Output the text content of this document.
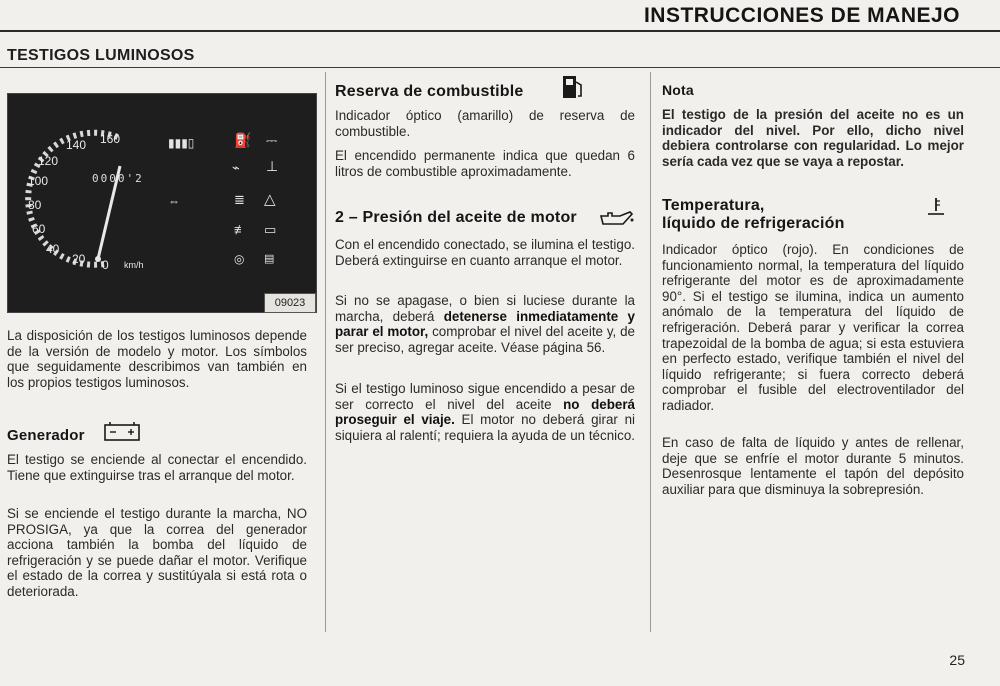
INSTRUCCIONES DE MANEJO
TESTIGOS LUMINOSOS
140 160
120
100
80
60
40
20 0 km/h
0000'2
▮▮▮▯	⛽ ⎓
⌁ ⊥
⇔	≣ △
≢ ▭
◎ ▤
09023

La disposición de los testigos luminosos depende de la versión de modelo y motor. Los símbolos que seguidamente describimos van también en los propios testigos luminosos.

Generador

El testigo se enciende al conectar el encendido. Tiene que extinguirse tras el arranque del motor.

Si se enciende el testigo durante la marcha, NO PROSIGA, ya que la correa del generador acciona también la bomba del líquido de refrigeración y se puede dañar el motor. Verifique el estado de la correa y sustitúyala si está rota o deteriorada.

Reserva de combustible

Indicador óptico (amarillo) de reserva de combustible.

El encendido permanente indica que quedan 6 litros de combustible aproximadamente.

2 – Presión del aceite de motor

Con el encendido conectado, se ilumina el testigo. Deberá extinguirse en cuanto arranque el motor.

Si no se apagase, o bien si luciese durante la marcha, deberá detenerse inmediatamente y parar el motor, comprobar el nivel del aceite y, de ser preciso, agregar aceite. Véase página 56.

Si el testigo luminoso sigue encendido a pesar de ser correcto el nivel del aceite no deberá proseguir el viaje. El motor no deberá girar ni siquiera al ralentí; requiera la ayuda de un técnico.

Nota

El testigo de la presión del aceite no es un indicador del nivel. Por ello, dicho nivel debiera controlarse con regularidad. Lo mejor sería cada vez que se vaya a repostar.

Temperatura,
líquido de refrigeración

Indicador óptico (rojo). En condiciones de funcionamiento normal, la temperatura del líquido refrigerante del motor es de aproximadamente 90°. Si el testigo se ilumina, indica un aumento anómalo de la temperatura del líquido de refrigeración. Deberá parar y verificar la correa trapezoidal de la bomba de agua; si esta estuviera en perfecto estado, verifique también el nivel del líquido refrigerante; si fuera correcto deberá comprobar el fusible del electroventilador del radiador.

En caso de falta de líquido y antes de rellenar, deje que se enfríe el motor durante 5 minutos. Desenrosque lentamente el tapón del depósito auxiliar para que disminuya la sobrepresión.

25
